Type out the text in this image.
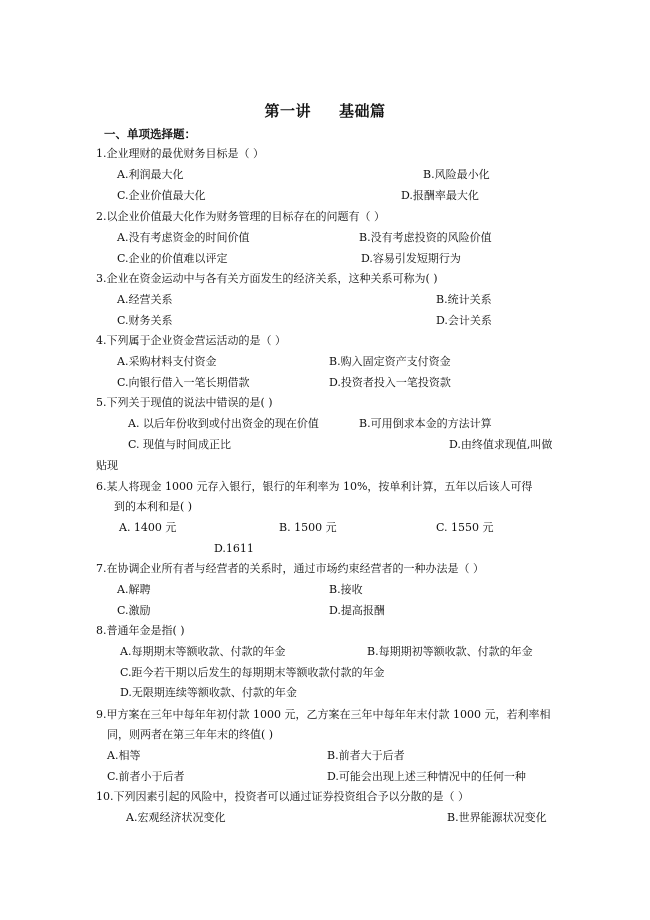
第一讲 基础篇
一、单项选择题：
1.企业理财的最优财务目标是（ ）
A.利润最大化	B.风险最小化
C.企业价值最大化	D.报酬率最大化
2.以企业价值最大化作为财务管理的目标存在的问题有（ ）
A.没有考虑资金的时间价值	B.没有考虑投资的风险价值
C.企业的价值难以评定	D.容易引发短期行为
3.企业在资金运动中与各有关方面发生的经济关系，这种关系可称为( )
A.经营关系	B.统计关系
C.财务关系	D.会计关系
4.下列属于企业资金营运活动的是（ ）
A.采购材料支付资金	B.购入固定资产支付资金
C.向银行借入一笔长期借款	D.投资者投入一笔投资款
5.下列关于现值的说法中错误的是( )
A. 以后年份收到或付出资金的现在价值	B.可用倒求本金的方法计算
C. 现值与时间成正比	D.由终值求现值,叫做
贴现
6.某人将现金 1000 元存入银行，银行的年利率为 10%，按单利计算，五年以后该人可得
到的本利和是( )
A. 1400 元	B. 1500 元	C. 1550 元
D.1611
7.在协调企业所有者与经营者的关系时，通过市场约束经营者的一种办法是（ ）
A.解聘	B.接收
C.激励	D.提高报酬
8.普通年金是指( )
A.每期期末等额收款、付款的年金	B.每期期初等额收款、付款的年金
C.距今若干期以后发生的每期期末等额收款付款的年金
D.无限期连续等额收款、付款的年金
9.甲方案在三年中每年年初付款 1000 元，乙方案在三年中每年年末付款 1000 元，若利率相
同，则两者在第三年年末的终值( )
A.相等	B.前者大于后者
C.前者小于后者	D.可能会出现上述三种情况中的任何一种
10.下列因素引起的风险中，投资者可以通过证券投资组合予以分散的是（ ）
A.宏观经济状况变化	B.世界能源状况变化
